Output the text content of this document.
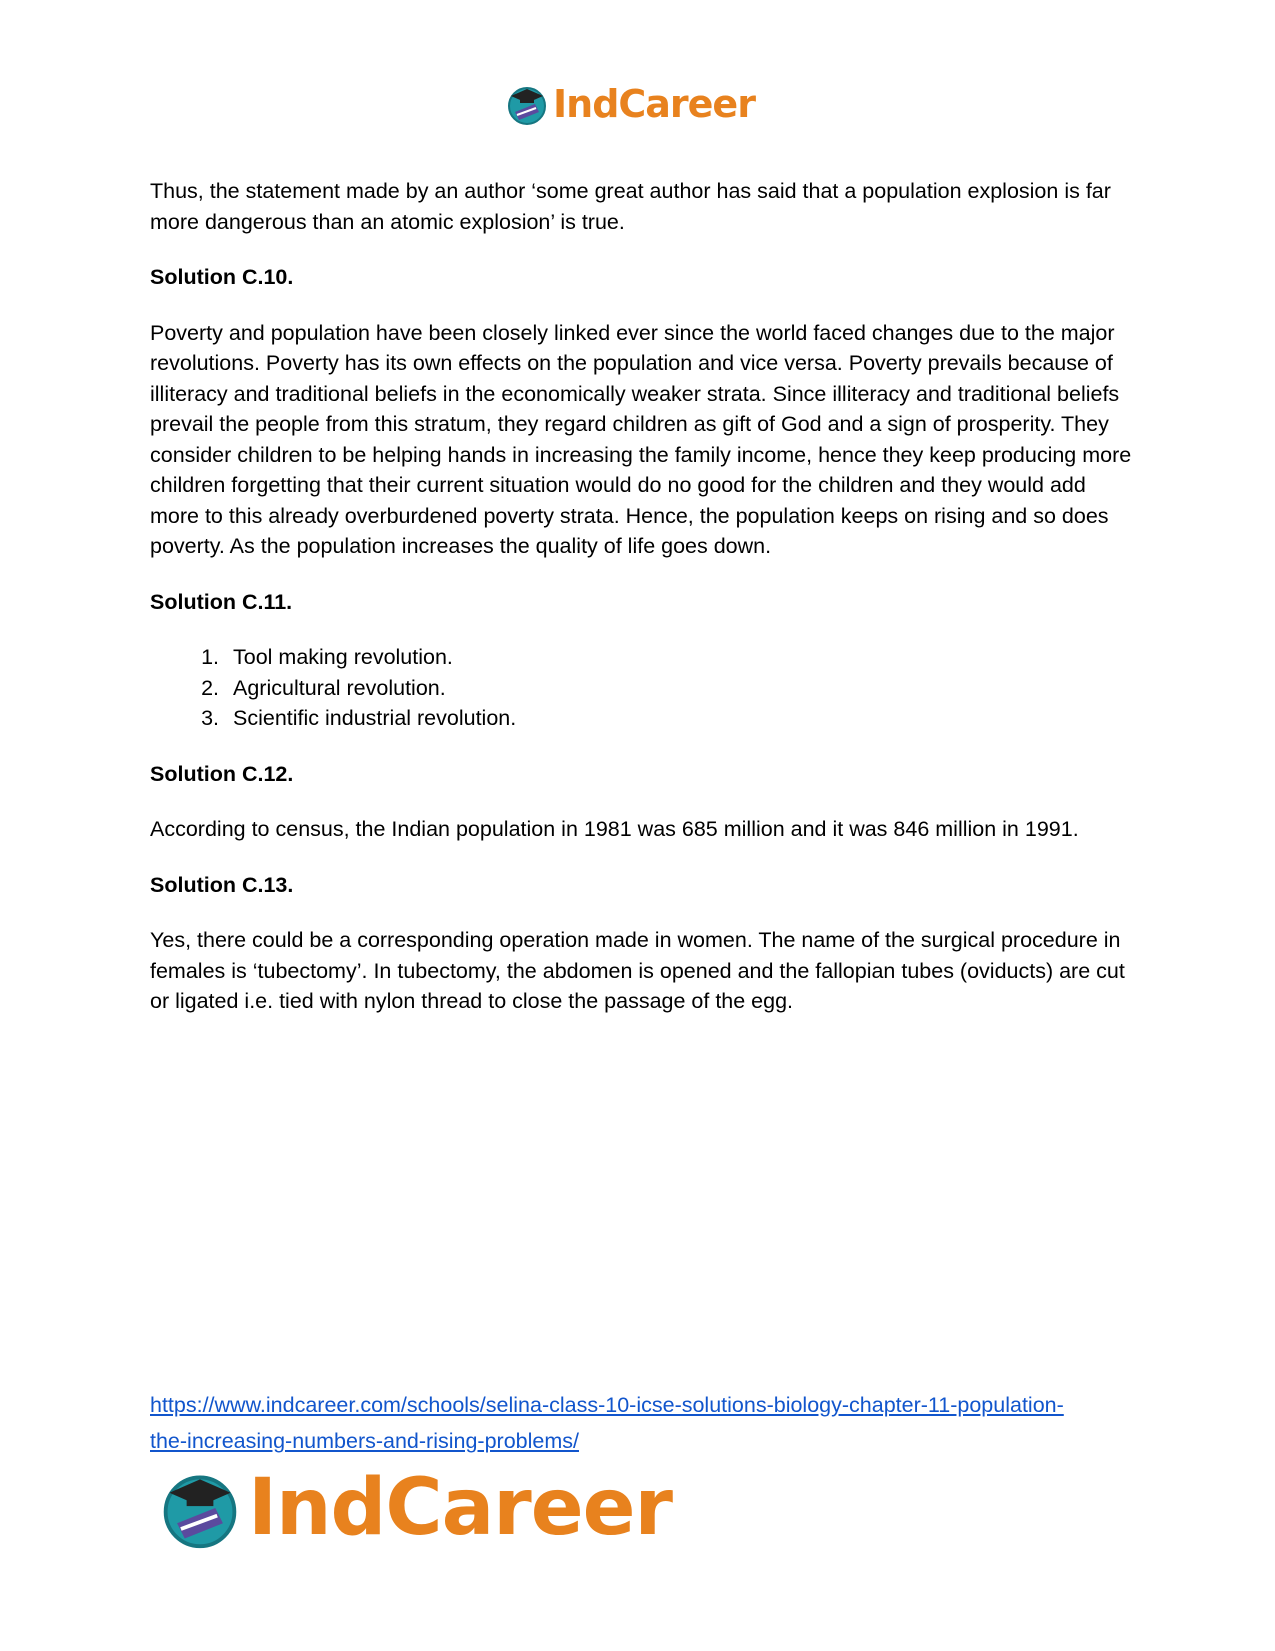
IndCareer

Thus, the statement made by an author ‘some great author has said that a population explosion is far more dangerous than an atomic explosion’ is true.

Solution C.10.

Poverty and population have been closely linked ever since the world faced changes due to the major revolutions. Poverty has its own effects on the population and vice versa. Poverty prevails because of illiteracy and traditional beliefs in the economically weaker strata. Since illiteracy and traditional beliefs prevail the people from this stratum, they regard children as gift of God and a sign of prosperity. They consider children to be helping hands in increasing the family income, hence they keep producing more children forgetting that their current situation would do no good for the children and they would add more to this already overburdened poverty strata. Hence, the population keeps on rising and so does poverty. As the population increases the quality of life goes down.

Solution C.11.

1. Tool making revolution.
2. Agricultural revolution.
3. Scientific industrial revolution.

Solution C.12.

According to census, the Indian population in 1981 was 685 million and it was 846 million in 1991.

Solution C.13.

Yes, there could be a corresponding operation made in women. The name of the surgical procedure in females is ‘tubectomy’. In tubectomy, the abdomen is opened and the fallopian tubes (oviducts) are cut or ligated i.e. tied with nylon thread to close the passage of the egg.

https://www.indcareer.com/schools/selina-class-10-icse-solutions-biology-chapter-11-population-
the-increasing-numbers-and-rising-problems/
IndCareer
